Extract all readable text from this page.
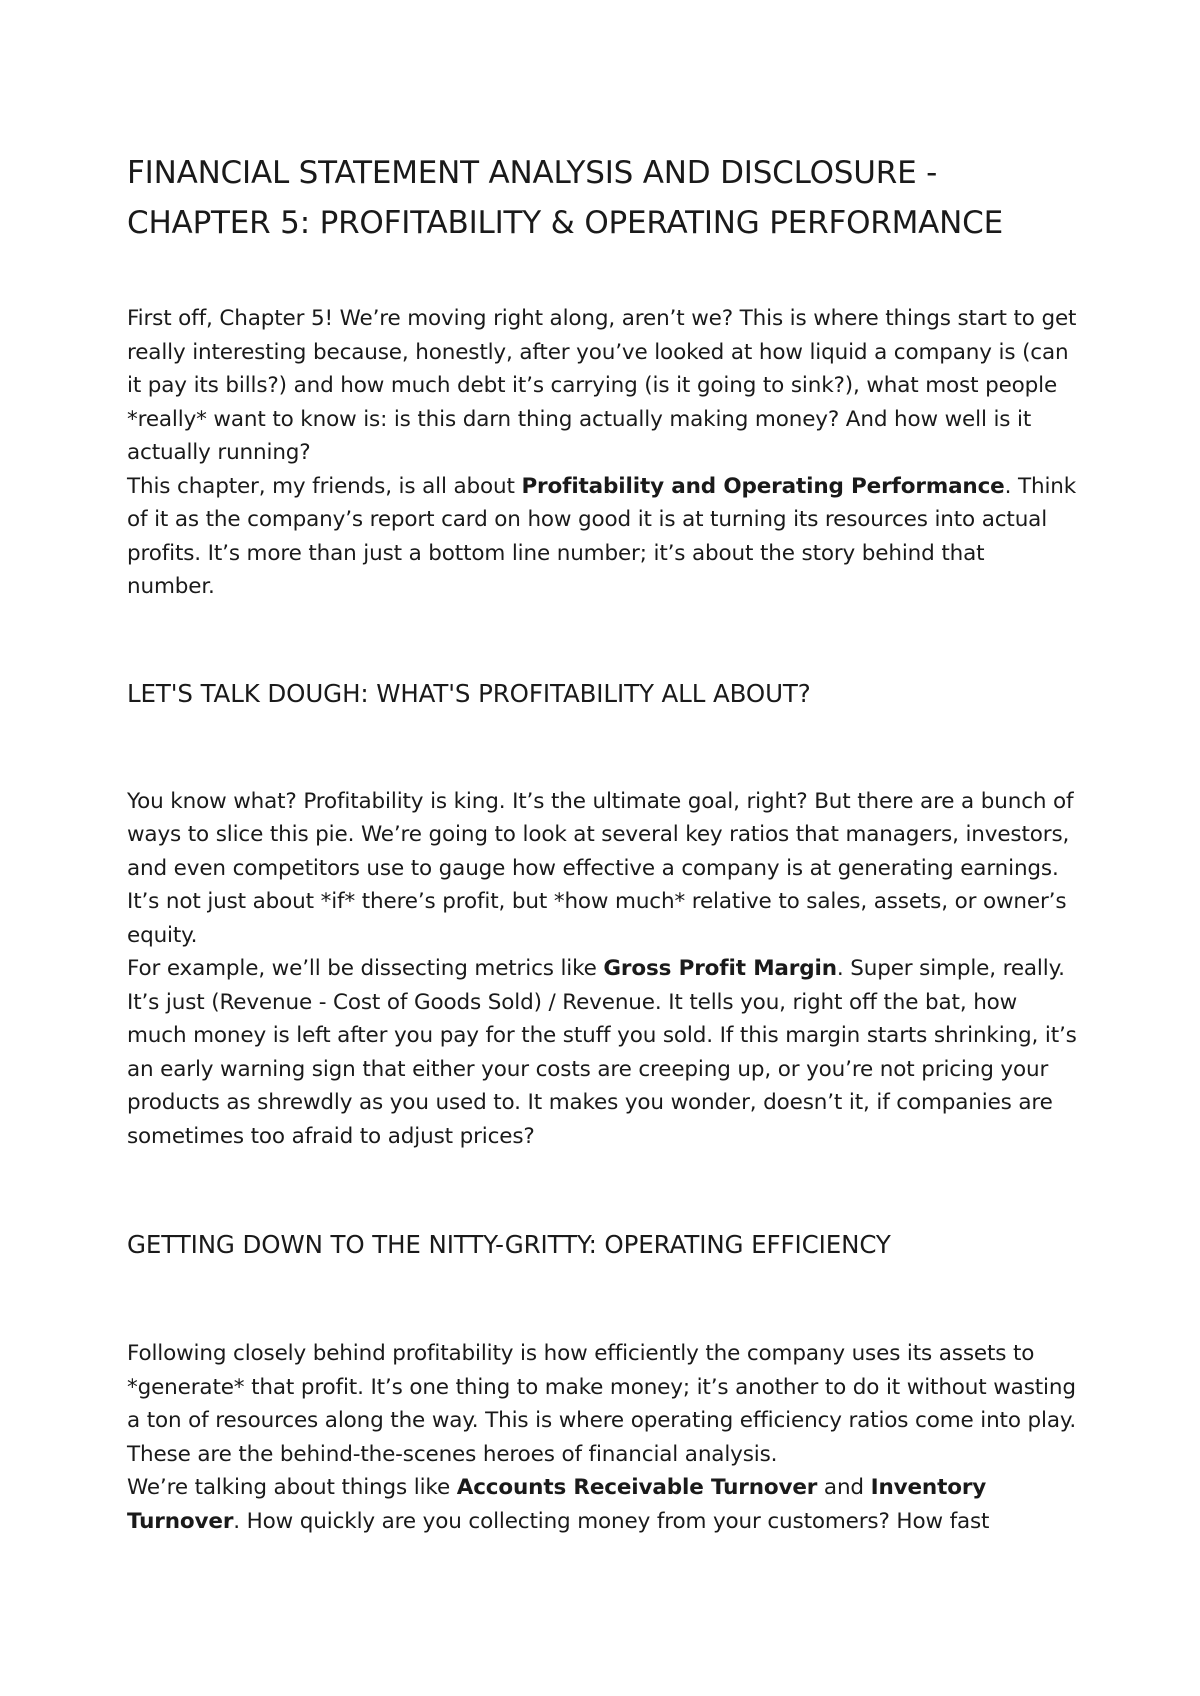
FINANCIAL STATEMENT ANALYSIS AND DISCLOSURE - CHAPTER 5: PROFITABILITY & OPERATING PERFORMANCE

First off, Chapter 5! We’re moving right along, aren’t we? This is where things start to get really interesting because, honestly, after you’ve looked at how liquid a company is (can it pay its bills?) and how much debt it’s carrying (is it going to sink?), what most people *really* want to know is: is this darn thing actually making money? And how well is it actually running?

This chapter, my friends, is all about Profitability and Operating Performance. Think of it as the company’s report card on how good it is at turning its resources into actual profits. It’s more than just a bottom line number; it’s about the story behind that number.

LET'S TALK DOUGH: WHAT'S PROFITABILITY ALL ABOUT?

You know what? Profitability is king. It’s the ultimate goal, right? But there are a bunch of ways to slice this pie. We’re going to look at several key ratios that managers, investors, and even competitors use to gauge how effective a company is at generating earnings. It’s not just about *if* there’s profit, but *how much* relative to sales, assets, or owner’s equity.

For example, we’ll be dissecting metrics like Gross Profit Margin. Super simple, really. It’s just (Revenue - Cost of Goods Sold) / Revenue. It tells you, right off the bat, how much money is left after you pay for the stuff you sold. If this margin starts shrinking, it’s an early warning sign that either your costs are creeping up, or you’re not pricing your products as shrewdly as you used to. It makes you wonder, doesn’t it, if companies are sometimes too afraid to adjust prices?

GETTING DOWN TO THE NITTY-GRITTY: OPERATING EFFICIENCY

Following closely behind profitability is how efficiently the company uses its assets to *generate* that profit. It’s one thing to make money; it’s another to do it without wasting a ton of resources along the way. This is where operating efficiency ratios come into play. These are the behind-the-scenes heroes of financial analysis.

We’re talking about things like Accounts Receivable Turnover and Inventory Turnover. How quickly are you collecting money from your customers? How fast
